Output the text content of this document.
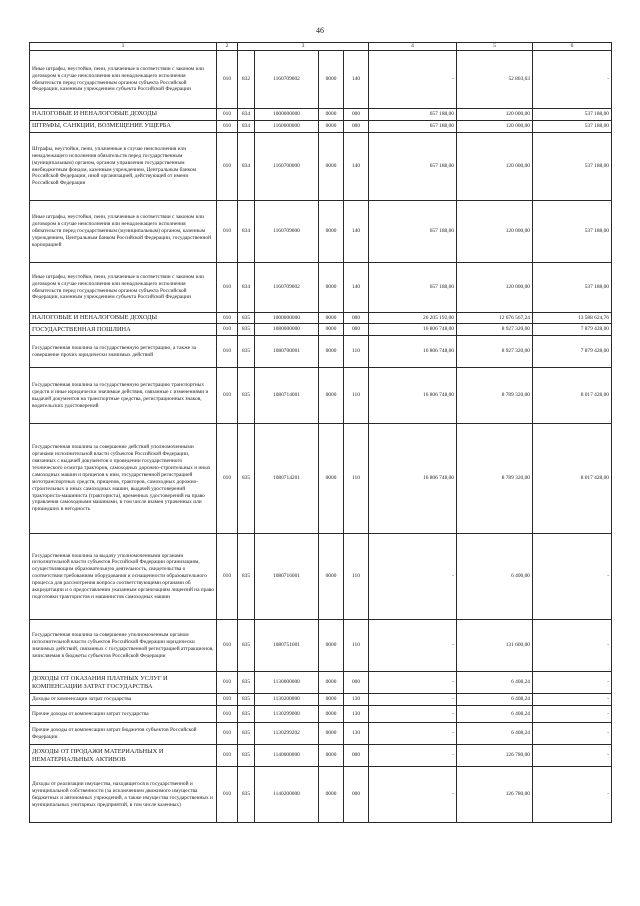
46
1	2	3				4	5	6
Иные штрафы, неустойки, пени, уплаченные в соответствии с законом или договором в случае неисполнения или ненадлежащего исполнения обязательств перед государственным органом субъекта Российской Федерации, казенным учреждением субъекта Российской Федерации	010	832	1160709002	0000	140	-	52 803,63	-
НАЛОГОВЫЕ И НЕНАЛОГОВЫЕ ДОХОДЫ	010	834	1000000000	0000	000	657 188,00	120 000,00	537 188,00
ШТРАФЫ, САНКЦИИ, ВОЗМЕЩЕНИЕ УЩЕРБА	010	834	1160000000	0000	000	657 188,00	120 000,00	537 188,00
Штрафы, неустойки, пени, уплаченные в случае неисполнения или ненадлежащего исполнения обязательств перед государственным (муниципальным) органом, органом управления государственным внебюджетным фондом, казенным учреждением, Центральным банком Российской Федерации, иной организацией, действующей от имени Российской Федерации	010	834	1160700000	0000	140	657 188,00	120 000,00	537 188,00
Иные штрафы, неустойки, пени, уплаченные в соответствии с законом или договором в случае неисполнения или ненадлежащего исполнения обязательств перед государственным (муниципальным) органом, казенным учреждением, Центральным банком Российской Федерации, государственной корпорацией	010	834	1160709000	0000	140	657 188,00	120 000,00	537 188,00
Иные штрафы, неустойки, пени, уплаченные в соответствии с законом или договором в случае неисполнения или ненадлежащего исполнения обязательств перед государственным органом субъекта Российской Федерации, казенным учреждением субъекта Российской Федерации	010	834	1160709002	0000	140	657 188,00	120 000,00	537 188,00
НАЛОГОВЫЕ И НЕНАЛОГОВЫЕ ДОХОДЫ	010	835	1000000000	0000	000	26 205 192,00	12 676 567,24	13 588 624,76
ГОСУДАРСТВЕННАЯ ПОШЛИНА	010	835	1080000000	0000	000	16 806 748,00	8 927 320,00	7 879 428,00
Государственная пошлина за государственную регистрацию, а также за совершение прочих юридически значимых действий	010	835	1080700001	0000	110	16 806 748,00	8 927 320,00	7 879 428,00
Государственная пошлина за государственную регистрацию транспортных средств и иные юридически значимые действия, связанные с изменениями и выдачей документов на транспортные средства, регистрационных знаков, водительских удостоверений	010	835	1080714001	0000	110	16 806 748,00	8 789 320,00	8 017 428,00
Государственная пошлина за совершение действий уполномоченными органами исполнительной власти субъектов Российской Федерации, связанных с выдачей документов о проведении государственного технического осмотра тракторов, самоходных дорожно-строительных и иных самоходных машин и прицепов к ним, государственной регистрацией мототранспортных средств, прицепов, тракторов, самоходных дорожно-строительных и иных самоходных машин, выдачей удостоверений тракториста-машиниста (тракториста), временных удостоверений на право управления самоходными машинами, в том числе взамен утраченных или пришедших в негодность	010	835	1080714201	0000	110	16 806 748,00	8 789 320,00	8 017 428,00
Государственная пошлина за выдачу уполномоченными органами исполнительной власти субъектов Российской Федерации организациям, осуществляющим образовательную деятельность, свидетельства о соответствии требованиям оборудования и оснащенности образовательного процесса для рассмотрения вопроса соответствующими органами об аккредитации и о предоставлении указанным организациям лицензий на право подготовки трактористов и машинистов самоходных машин	010	835	1080716001	0000	110	-	6 400,00	-
Государственная пошлина за совершение уполномоченным органом исполнительной власти субъектов Российской Федерации юридически значимых действий, связанных с государственной регистрацией аттракционов, зачисляемая в бюджеты субъектов Российской Федерации	010	835	1080751001	0000	110	-	131 600,00	-
ДОХОДЫ ОТ ОКАЗАНИЯ ПЛАТНЫХ УСЛУГ И КОМПЕНСАЦИИ ЗАТРАТ ГОСУДАРСТВА	010	835	1130000000	0000	000	-	6 408,24	-
Доходы от компенсации затрат государства	010	835	1130200000	0000	130	-	6 408,24	-
Прочие доходы от компенсации затрат государства	010	835	1130299000	0000	130	-	6 408,24	-
Прочие доходы от компенсации затрат бюджетов субъектов Российской Федерации	010	835	1130299202	0000	130	-	6 408,24	-
ДОХОДЫ ОТ ПРОДАЖИ МАТЕРИАЛЬНЫХ И НЕМАТЕРИАЛЬНЫХ АКТИВОВ	010	835	1140000000	0000	000	-	126 780,00	-
Доходы от реализации имущества, находящегося в государственной и муниципальной собственности (за исключением движимого имущества бюджетных и автономных учреждений, а также имущества государственных и муниципальных унитарных предприятий, в том числе казенных)	010	835	1140200000	0000	000	-	126 780,00	-
